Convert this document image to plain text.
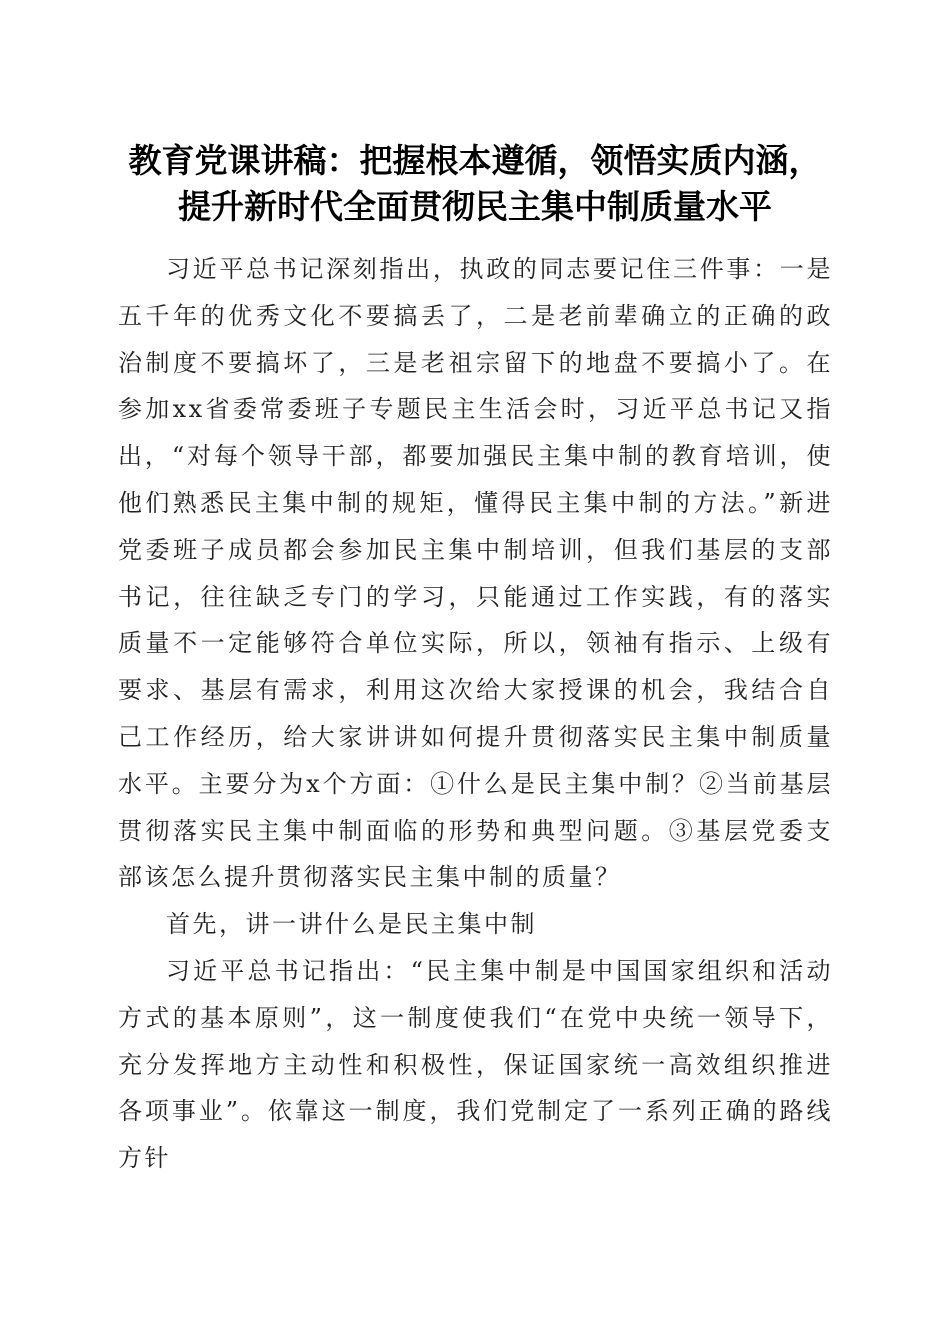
教育党课讲稿：把握根本遵循，领悟实质内涵，
提升新时代全面贯彻民主集中制质量水平

习近平总书记深刻指出，执政的同志要记住三件事：一是五千年的优秀文化不要搞丢了，二是老前辈确立的正确的政治制度不要搞坏了，三是老祖宗留下的地盘不要搞小了。在参加xx省委常委班子专题民主生活会时，习近平总书记又指出，“对每个领导干部，都要加强民主集中制的教育培训，使他们熟悉民主集中制的规矩，懂得民主集中制的方法。”新进党委班子成员都会参加民主集中制培训，但我们基层的支部书记，往往缺乏专门的学习，只能通过工作实践，有的落实质量不一定能够符合单位实际，所以，领袖有指示、上级有要求、基层有需求，利用这次给大家授课的机会，我结合自己工作经历，给大家讲讲如何提升贯彻落实民主集中制质量水平。主要分为x个方面：①什么是民主集中制？②当前基层贯彻落实民主集中制面临的形势和典型问题。③基层党委支部该怎么提升贯彻落实民主集中制的质量？

首先，讲一讲什么是民主集中制

习近平总书记指出：“民主集中制是中国国家组织和活动方式的基本原则”，这一制度使我们“在党中央统一领导下，充分发挥地方主动性和积极性，保证国家统一高效组织推进各项事业”。依靠这一制度，我们党制定了一系列正确的路线方针
